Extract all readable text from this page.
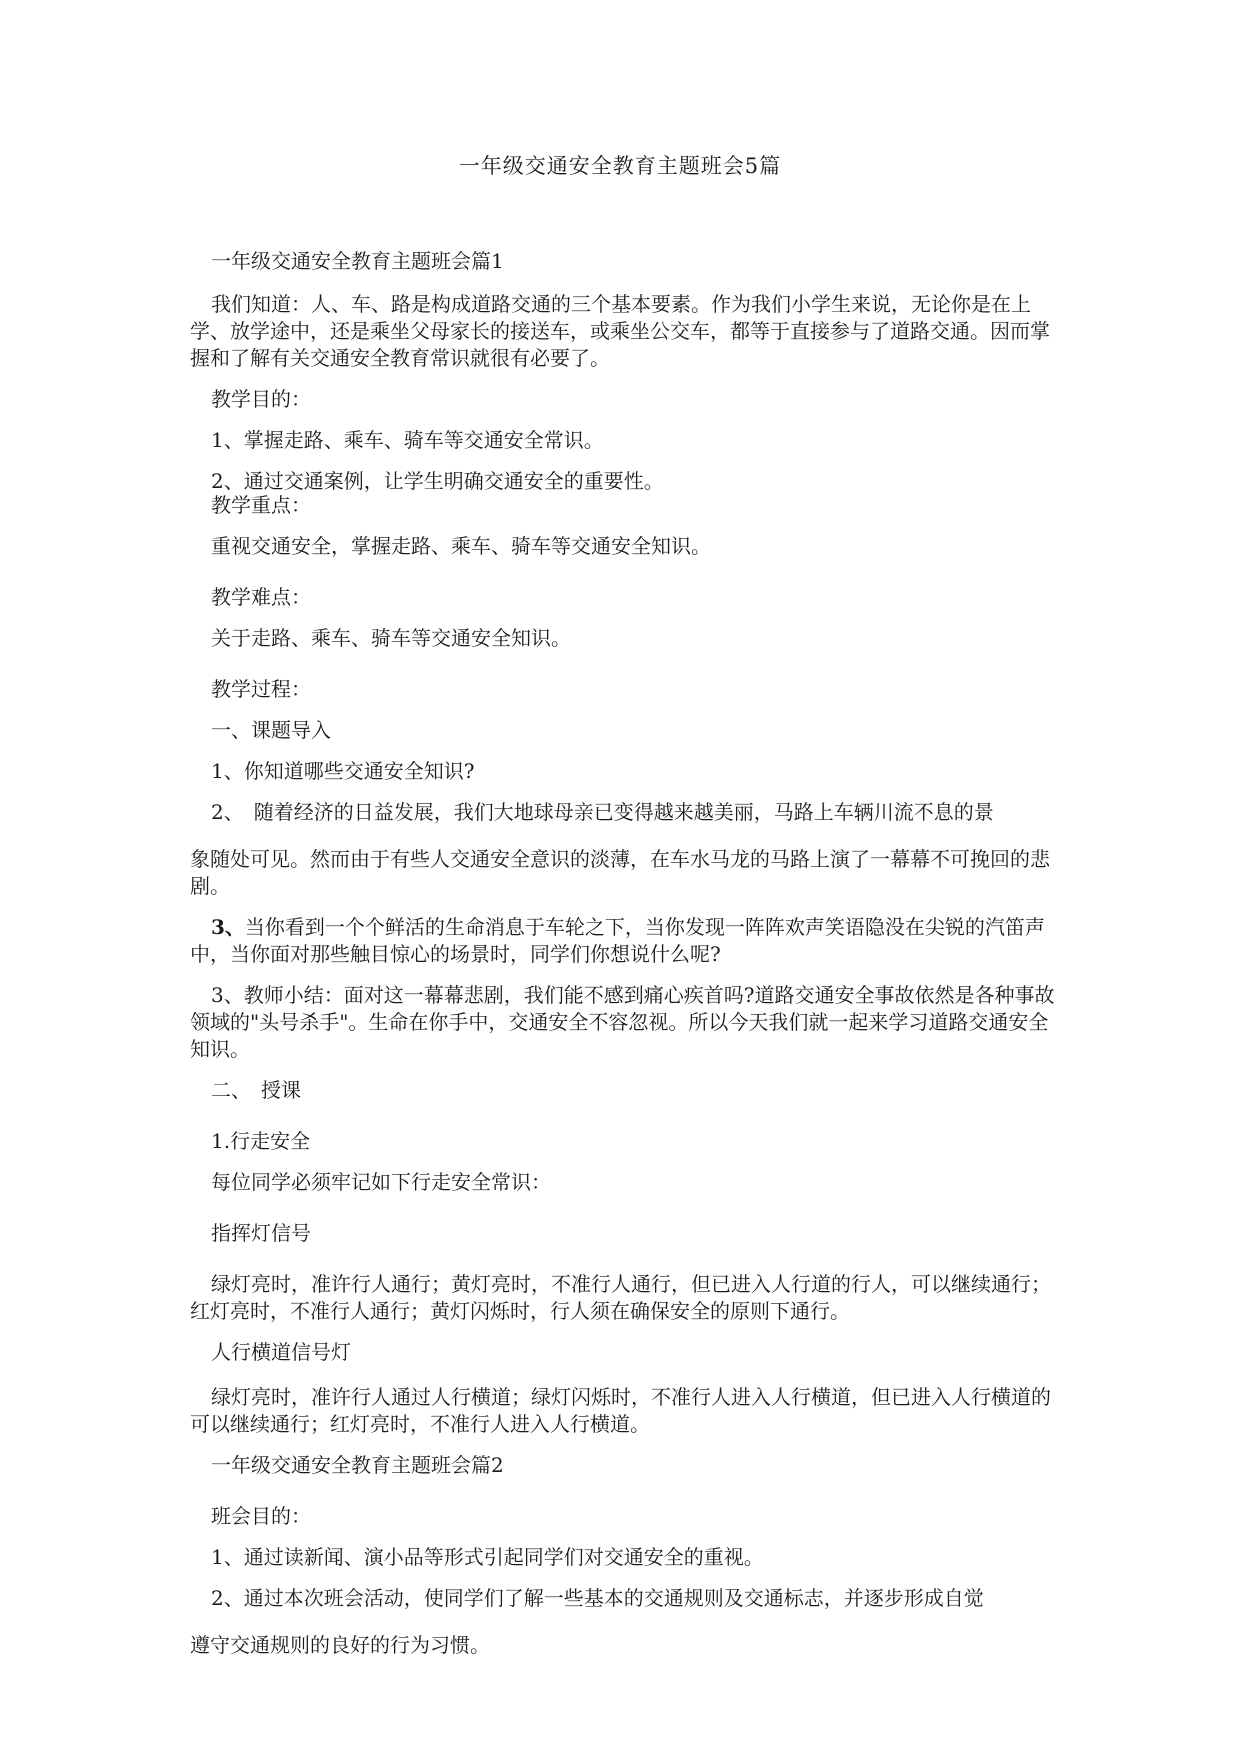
一年级交通安全教育主题班会5篇

一年级交通安全教育主题班会篇1

我们知道：人、车、路是构成道路交通的三个基本要素。作为我们小学生来说，无论你是在上学、放学途中，还是乘坐父母家长的接送车，或乘坐公交车，都等于直接参与了道路交通。因而掌握和了解有关交通安全教育常识就很有必要了。

教学目的：

1、掌握走路、乘车、骑车等交通安全常识。

2、通过交通案例，让学生明确交通安全的重要性。

教学重点：

重视交通安全，掌握走路、乘车、骑车等交通安全知识。

教学难点：

关于走路、乘车、骑车等交通安全知识。

教学过程：

一、课题导入

1、你知道哪些交通安全知识?

2、　随着经济的日益发展，我们大地球母亲已变得越来越美丽，马路上车辆川流不息的景

象随处可见。然而由于有些人交通安全意识的淡薄，在车水马龙的马路上演了一幕幕不可挽回的悲剧。

3、当你看到一个个鲜活的生命消息于车轮之下，当你发现一阵阵欢声笑语隐没在尖锐的汽笛声中，当你面对那些触目惊心的场景时，同学们你想说什么呢?

3、教师小结：面对这一幕幕悲剧，我们能不感到痛心疾首吗?道路交通安全事故依然是各种事故领域的"头号杀手"。生命在你手中，交通安全不容忽视。所以今天我们就一起来学习道路交通安全知识。

二、　授课

1.行走安全

每位同学必须牢记如下行走安全常识：

指挥灯信号

绿灯亮时，准许行人通行；黄灯亮时，不准行人通行，但已进入人行道的行人，可以继续通行；红灯亮时，不准行人通行；黄灯闪烁时，行人须在确保安全的原则下通行。

人行横道信号灯

绿灯亮时，准许行人通过人行横道；绿灯闪烁时，不准行人进入人行横道，但已进入人行横道的可以继续通行；红灯亮时，不准行人进入人行横道。

一年级交通安全教育主题班会篇2

班会目的：

1、通过读新闻、演小品等形式引起同学们对交通安全的重视。

2、通过本次班会活动，使同学们了解一些基本的交通规则及交通标志，并逐步形成自觉

遵守交通规则的良好的行为习惯。
